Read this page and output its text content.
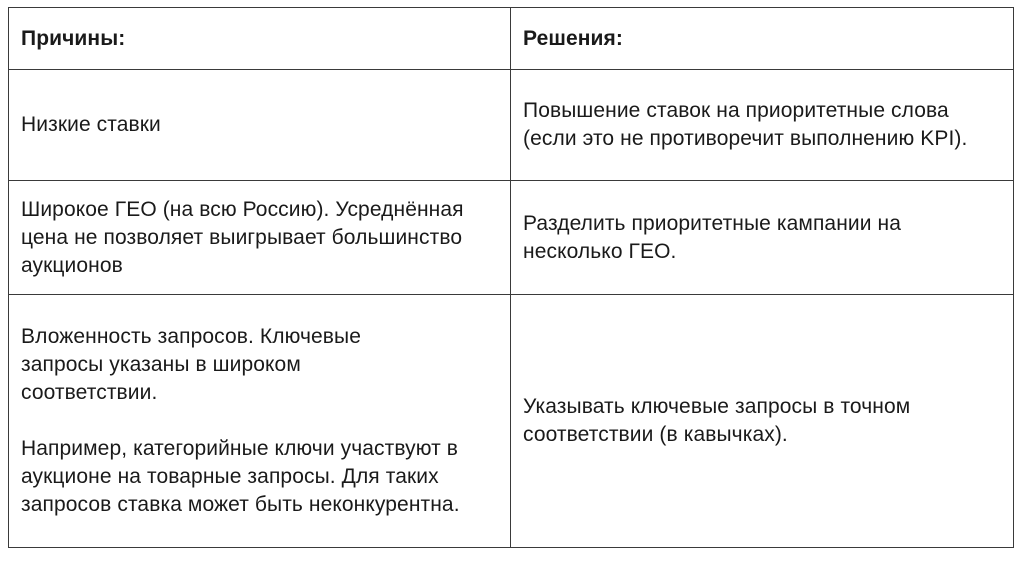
Причины:	Решения:

Низкие ставки	Повышение ставок на приоритетные слова (если это не противоречит выполнению KPI).

Широкое ГЕО (на всю Россию). Усреднённая цена не позволяет выигрывает большинство аукционов	Разделить приоритетные кампании на несколько ГЕО.

Вложенность запросов. Ключевые запросы указаны в широком соответствии.
Например, категорийные ключи участвуют в аукционе на товарные запросы. Для таких запросов ставка может быть неконкурентна.	Указывать ключевые запросы в точном соответствии (в кавычках).
